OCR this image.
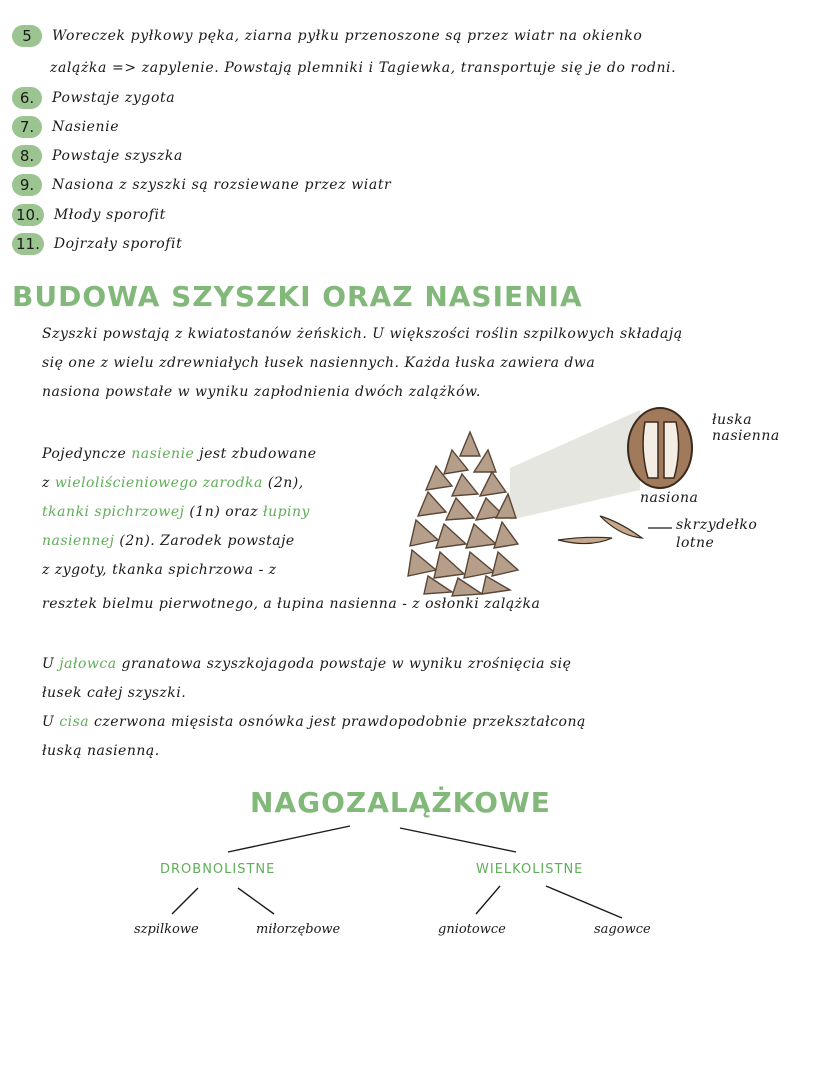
5	Woreczek pyłkowy pęka, ziarna pyłku przenoszone są przez wiatr na okienko
zalążka => zapylenie. Powstają plemniki i Tagiewka, transportuje się je do rodni.
6.	Powstaje zygota
7.	Nasienie
8.	Powstaje szyszka
9.	Nasiona z szyszki są rozsiewane przez wiatr
10. Młody sporofit
11. Dojrzały sporofit
BUDOWA SZYSZKI ORAZ NASIENIA
Szyszki powstają z kwiatostanów żeńskich. U większości roślin szpilkowych składają
się one z wielu zdrewniałych łusek nasiennych. Każda łuska zawiera dwa
nasiona powstałe w wyniku zapłodnienia dwóch zalążków.
Pojedyncze nasienie jest zbudowane
z wieloliścieniowego zarodka (2n),
tkanki spichrzowej (1n) oraz łupiny
nasiennej (2n). Zarodek powstaje
z zygoty, tkanka spichrzowa - z
resztek bielmu pierwotnego, a łupina nasienna - z osłonki zalążka
łuska nasienna
nasiona
skrzydełko lotne
U jałowca granatowa szyszkojagoda powstaje w wyniku zrośnięcia się
łusek całej szyszki.
U cisa czerwona mięsista osnówka jest prawdopodobnie przekształconą
łuską nasienną.
NAGOZALĄŻKOWE
DROBNOLISTNE	WIELKOLISTNE
szpilkowe	miłorzębowe	gniotowce	sagowce
